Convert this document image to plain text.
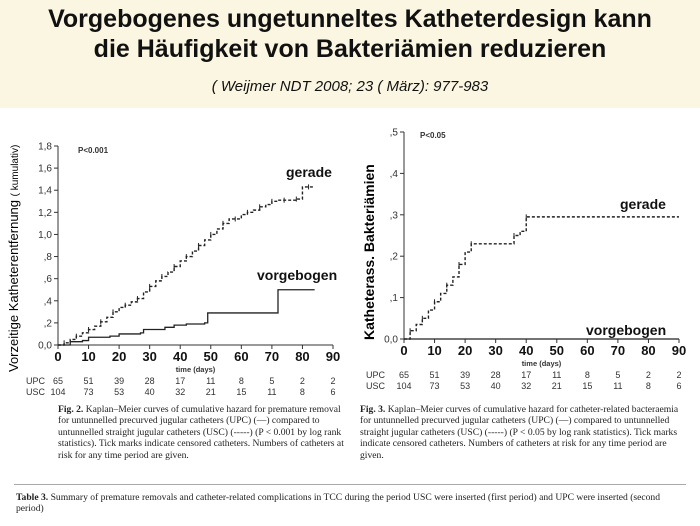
Vorgebogenes ungetunneltes Katheterdesign kann
die Häufigkeit von Bakteriämien reduzieren
( Weijmer NDT 2008; 23 ( März): 977-983
0,0
,2
,4
,6
,8
1,0
1,2
1,4
1,6
1,8
0 10 20 30 40 50 60 70 80 90
time (days)
P<0.001
gerade
vorgebogen
UPC 65 51 39 28 17 11	8	5	2	2
USC 104 73 53 40 32 21 15 11	8	6
Vorzeitige Katheterentfernung ( kumulativ)
0,0
,1
,2
,3
,4
,5
0 10 20 30 40 50 60 70 80 90
time (days)
P<0.05
gerade
vorgebogen
UPC 65 51 39 28 17 11	8	5	2	2
USC 104 73 53 40 32 21 15 11	8	6
Katheterass. Bakteriämien
Fig. 2. Kaplan–Meier curves of cumulative hazard for premature removal for untunnelled precurved jugular catheters (UPC) (—) compared to untunnelled straight jugular catheters (USC) (-----) (P < 0.001 by log rank statistics). Tick marks indicate censored catheters. Numbers of catheters at risk for any time period are given.
Fig. 3. Kaplan–Meier curves of cumulative hazard for catheter-related bacteraemia for untunnelled precurved jugular catheters (UPC) (—) compared to untunnelled straight jugular catheters (USC) (-----) (P < 0.05 by log rank statistics). Tick marks indicate censored catheters. Numbers of catheters at risk for any time period are given.
Table 3. Summary of premature removals and catheter-related complications in TCC during the period USC were inserted (first period) and UPC were inserted (second period)
